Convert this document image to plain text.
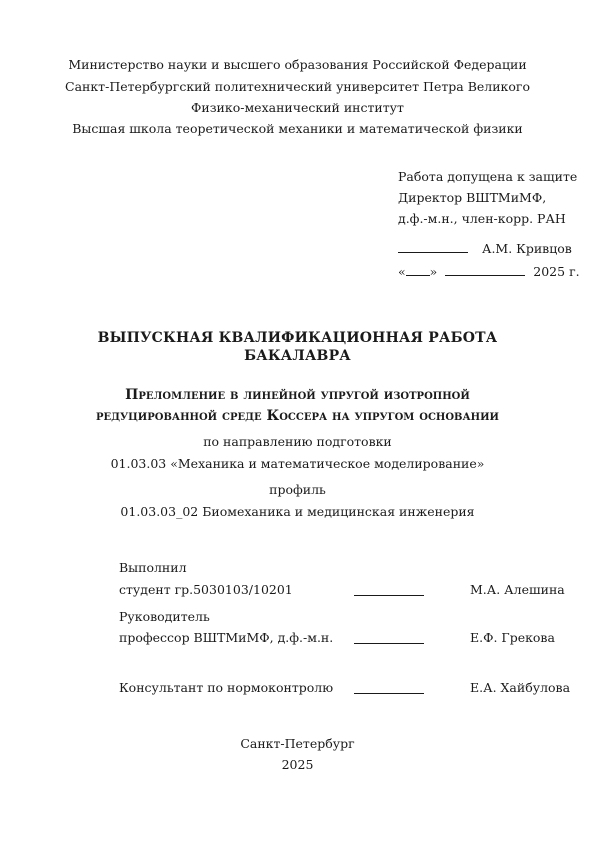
Министерство науки и высшего образования Российской Федерации
Санкт-Петербургский политехнический университет Петра Великого
Физико-механический институт
Высшая школа теоретической механики и математической физики
Работа допущена к защите
Директор ВШТМиМФ,
д.ф.-м.н., член-корр. РАН
А.М. Кривцов
« »	2025 г.
ВЫПУСКНАЯ КВАЛИФИКАЦИОННАЯ РАБОТА
БАКАЛАВРА
Преломление в линейной упругой изотропной
редуцированной среде Коссера на упругом основании
по направлению подготовки
01.03.03 «Механика и математическое моделирование»
профиль
01.03.03_02 Биомеханика и медицинская инженерия
Выполнил
студент гр.5030103/10201	М.А. Алешина
Руководитель
профессор ВШТМиМФ, д.ф.-м.н.	Е.Ф. Грекова
Консультант по нормоконтролю	Е.А. Хайбулова
Санкт-Петербург
2025
